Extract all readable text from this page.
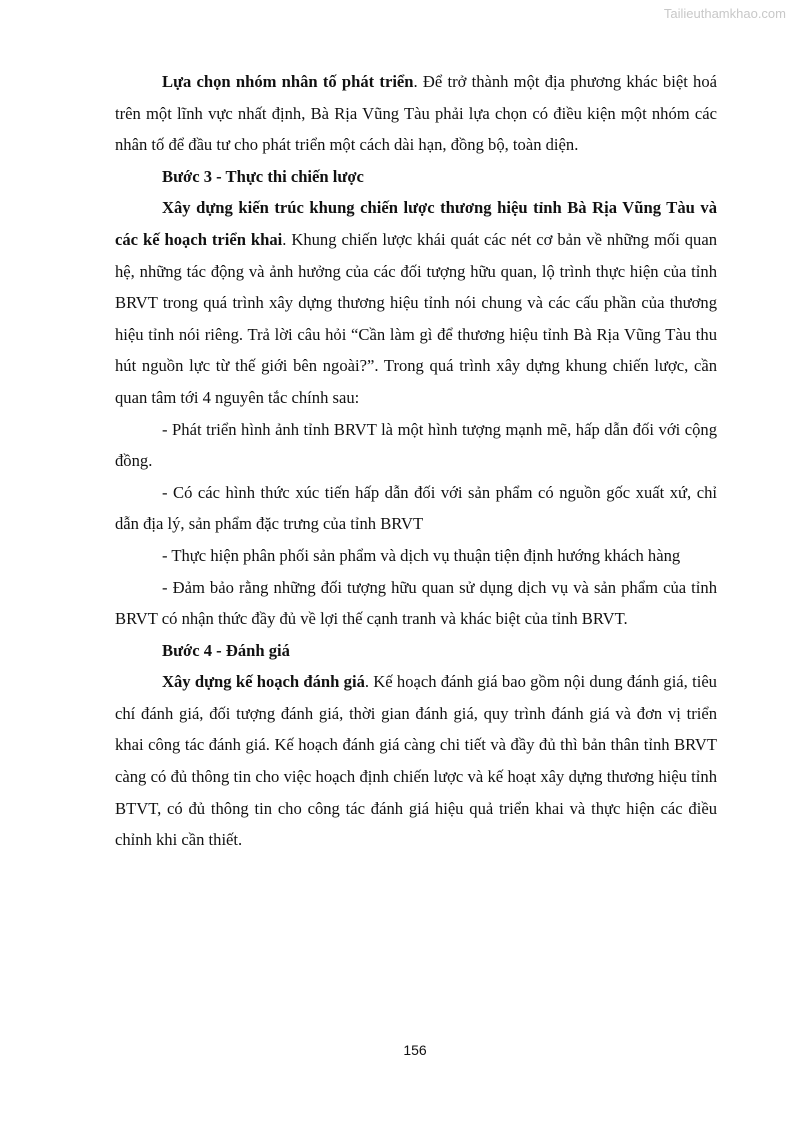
Tailieuthamkhao.com

Lựa chọn nhóm nhân tố phát triển. Để trở thành một địa phương khác biệt hoá trên một lĩnh vực nhất định, Bà Rịa Vũng Tàu phải lựa chọn có điều kiện một nhóm các nhân tố để đầu tư cho phát triển một cách dài hạn, đồng bộ, toàn diện.

Bước 3 - Thực thi chiến lược

Xây dựng kiến trúc khung chiến lược thương hiệu tỉnh Bà Rịa Vũng Tàu và các kế hoạch triển khai. Khung chiến lược khái quát các nét cơ bản về những mối quan hệ, những tác động và ảnh hưởng của các đối tượng hữu quan, lộ trình thực hiện của tỉnh BRVT trong quá trình xây dựng thương hiệu tỉnh nói chung và các cấu phần của thương hiệu tỉnh nói riêng. Trả lời câu hỏi “Cần làm gì để thương hiệu tỉnh Bà Rịa Vũng Tàu thu hút nguồn lực từ thế giới bên ngoài?”. Trong quá trình xây dựng khung chiến lược, cần quan tâm tới 4 nguyên tắc chính sau:

- Phát triển hình ảnh tỉnh BRVT là một hình tượng mạnh mẽ, hấp dẫn đối với cộng đồng.

- Có các hình thức xúc tiến hấp dẫn đối với sản phẩm có nguồn gốc xuất xứ, chỉ dẫn địa lý, sản phẩm đặc trưng của tỉnh BRVT

- Thực hiện phân phối sản phẩm và dịch vụ thuận tiện định hướng khách hàng

- Đảm bảo rằng những đối tượng hữu quan sử dụng dịch vụ và sản phẩm của tỉnh BRVT có nhận thức đầy đủ về lợi thế cạnh tranh và khác biệt của tỉnh BRVT.

Bước 4 - Đánh giá

Xây dựng kế hoạch đánh giá. Kế hoạch đánh giá bao gồm nội dung đánh giá, tiêu chí đánh giá, đối tượng đánh giá, thời gian đánh giá, quy trình đánh giá và đơn vị triển khai công tác đánh giá. Kế hoạch đánh giá càng chi tiết và đầy đủ thì bản thân tỉnh BRVT càng có đủ thông tin cho việc hoạch định chiến lược và kế hoạt xây dựng thương hiệu tỉnh BTVT, có đủ thông tin cho công tác đánh giá hiệu quả triển khai và thực hiện các điều chỉnh khi cần thiết.

156
